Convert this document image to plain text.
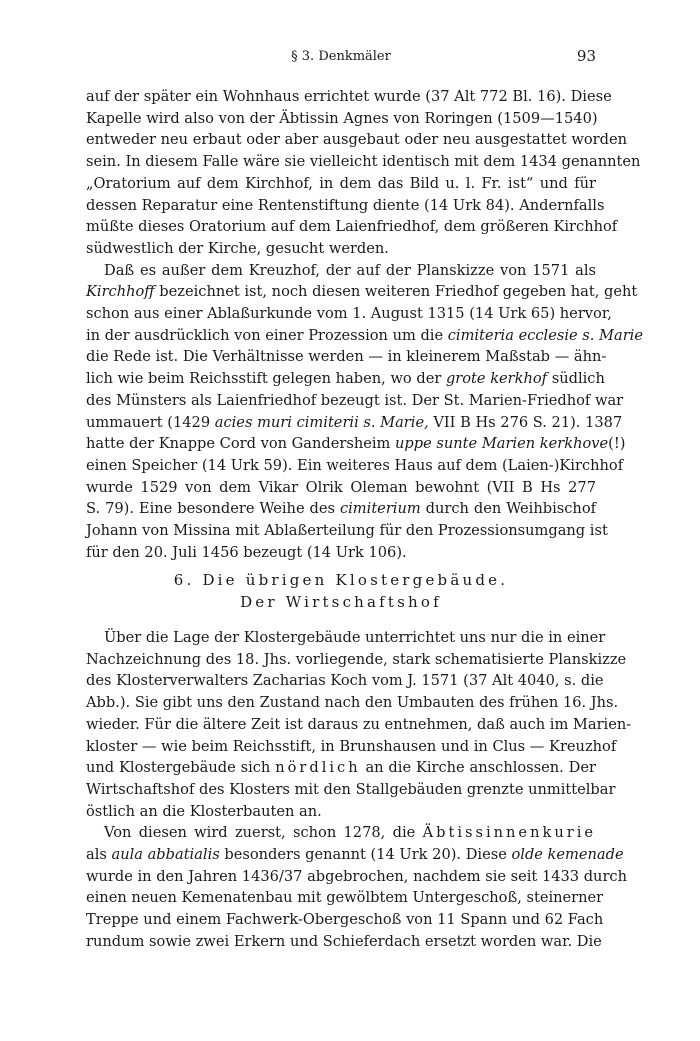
§ 3. Denkmäler	93

auf der später ein Wohnhaus errichtet wurde (37 Alt 772 Bl. 16). Diese
Kapelle wird also von der Äbtissin Agnes von Roringen (1509—1540)
entweder neu erbaut oder aber ausgebaut oder neu ausgestattet worden
sein. In diesem Falle wäre sie vielleicht identisch mit dem 1434 genannten
„Oratorium auf dem Kirchhof, in dem das Bild u. l. Fr. ist“ und für
dessen Reparatur eine Rentenstiftung diente (14 Urk 84). Andernfalls
müßte dieses Oratorium auf dem Laienfriedhof, dem größeren Kirchhof
südwestlich der Kirche, gesucht werden.

Daß es außer dem Kreuzhof, der auf der Planskizze von 1571 als
Kirchhoff bezeichnet ist, noch diesen weiteren Friedhof gegeben hat, geht
schon aus einer Ablaßurkunde vom 1. August 1315 (14 Urk 65) hervor,
in der ausdrücklich von einer Prozession um die cimiteria ecclesie s. Marie
die Rede ist. Die Verhältnisse werden — in kleinerem Maßstab — ähn-
lich wie beim Reichsstift gelegen haben, wo der grote kerkhof südlich
des Münsters als Laienfriedhof bezeugt ist. Der St. Marien-Friedhof war
ummauert (1429 acies muri cimiterii s. Marie, VII B Hs 276 S. 21). 1387
hatte der Knappe Cord von Gandersheim uppe sunte Marien kerkhove(!)
einen Speicher (14 Urk 59). Ein weiteres Haus auf dem (Laien-)Kirchhof
wurde 1529 von dem Vikar Olrik Oleman bewohnt (VII B Hs 277
S. 79). Eine besondere Weihe des cimiterium durch den Weihbischof
Johann von Missina mit Ablaßerteilung für den Prozessionsumgang ist
für den 20. Juli 1456 bezeugt (14 Urk 106).

6. Die übrigen Klostergebäude.
Der Wirtschaftshof

Über die Lage der Klostergebäude unterrichtet uns nur die in einer
Nachzeichnung des 18. Jhs. vorliegende, stark schematisierte Planskizze
des Klosterverwalters Zacharias Koch vom J. 1571 (37 Alt 4040, s. die
Abb.). Sie gibt uns den Zustand nach den Umbauten des frühen 16. Jhs.
wieder. Für die ältere Zeit ist daraus zu entnehmen, daß auch im Marien-
kloster — wie beim Reichsstift, in Brunshausen und in Clus — Kreuzhof
und Klostergebäude sich nördlich an die Kirche anschlossen. Der
Wirtschaftshof des Klosters mit den Stallgebäuden grenzte unmittelbar
östlich an die Klosterbauten an.

Von diesen wird zuerst, schon 1278, die Äbtissinnenkurie
als aula abbatialis besonders genannt (14 Urk 20). Diese olde kemenade
wurde in den Jahren 1436/37 abgebrochen, nachdem sie seit 1433 durch
einen neuen Kemenatenbau mit gewölbtem Untergeschoß, steinerner
Treppe und einem Fachwerk-Obergeschoß von 11 Spann und 62 Fach
rundum sowie zwei Erkern und Schieferdach ersetzt worden war. Die
